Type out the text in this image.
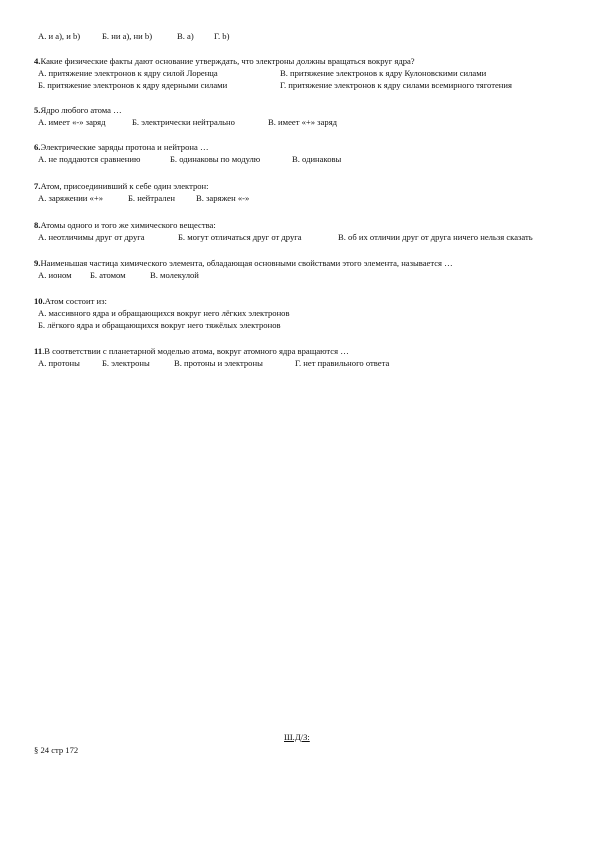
А. и а), и b)	Б. ни а), ни b)	В. а) Г. b)
4.Какие физические факты дают основание утверждать, что электроны должны вращаться вокруг ядра?
А. притяжение электронов к ядру силой Лоренца	В. притяжение электронов к ядру Кулоновскими силами
Б. притяжение электронов к ядру ядерными силами	Г. притяжение электронов к ядру силами всемирного тяготения
5.Ядро любого атома …
А. имеет «-» заряд	Б. электрически нейтрально	В. имеет «+» заряд
6.Электрические заряды протона и нейтрона …
А. не поддаются сравнению	Б. одинаковы по модулю	В. одинаковы
7.Атом, присоединивший к себе один электрон:
А. заряжении «+»	Б. нейтрален В. заряжен «-»
8.Атомы одного и того же химического вещества:
А. неотличимы друг от друга	Б. могут отличаться друг от друга	В. об их отличии друг от друга ничего нельзя сказать
9.Наименьшая частица химического элемента, обладающая основными свойствами этого элемента, называется …
А. ионом Б. атомом	В. молекулой
10.Атом состоит из:
А. массивного ядра и обращающихся вокруг него лёгких электронов
Б. лёгкого ядра и обращающихся вокруг него тяжёлых электронов
11.В соответствии с планетарной моделью атома, вокруг атомного ядра вращаются …
А. протоны	Б. электроны	В. протоны и электроны	Г. нет правильного ответа
Ш.Д/З:
§ 24 стр 172
